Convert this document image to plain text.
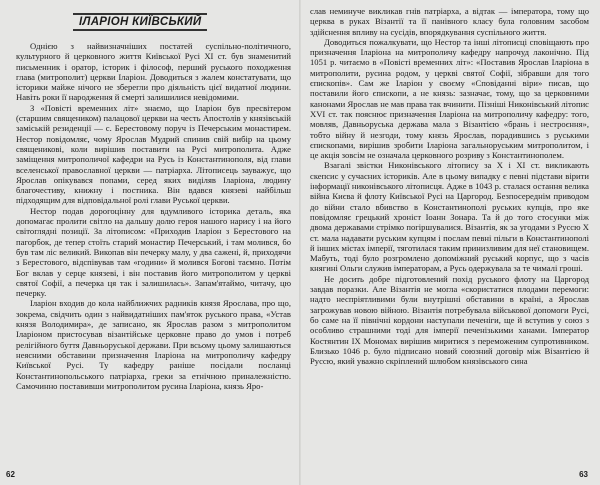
ІЛАРІОН КИЇВСЬКИЙ

Однією з найвизначніших постатей суспільно-політичного, культурного й церковного життя Київської Русі XI ст. був знаменитий письменник і оратор, історик і філософ, перший руського походження глава (митрополит) церкви Іларіон. Доводиться з жалем констатувати, що історики майже нічого не зберегли про діяльність цієї видатної людини. Навіть роки її народження й смерті залишилися невідомими.

З «Повісті временних літ» знаємо, що Іларіон був пресвітером (старшим священиком) палацової церкви на честь Апостолів у князівській заміській резиденції — с. Берестовому поруч із Печерським монастирем. Нестор повідомляє, чому Ярослав Мудрий спинив свій вибір на цьому священикові, коли вирішив поставити на Русі митрополита. Адже заміщення митрополичої кафедри на Русь із Константинополя, від глави вселенської православної церкви — патріарха. Літописець зауважує, що Ярослав опікувався попами, серед яких виділяв Іларіона, людину благочестиву, книжну і постника. Він вдався князеві найбільш підходящим для відповідальної ролі глави Руської церкви.

Нестор подав дорогоцінну для вдумливого історика деталь, яка допомагає пролити світло на дальшу долю героя нашого нарису і на його світоглядні позиції. За літописом: «Приходив Іларіон з Берестового на пагорбок, де тепер стоїть старий монастир Печерський, і там молився, бо був там ліс великий. Викопав він печерку малу, у два сажені, й, приходячи з Берестового, відспівував там «години» й молився Богові таємно. Потім Бог вклав у серце князеві, і він поставив його митрополитом у церкві святої Софії, а печерка ця так і залишилась». Запам'ятаймо, читачу, цю печерку.

Іларіон входив до кола найближчих радників князя Ярослава, про що, зокрема, свідчить один з найвидатніших пам'яток руського права, «Устав князя Володимира», де записано, як Ярослав разом з митрополитом Іларіоном пристосував візантійське церковне право до умов і потреб релігійного буття Давньоруської держави. При всьому цьому залишаються неясними обставини призначення Іларіона на митрополичу кафедру Київської Русі. Ту кафедру раніше посідали посланці Константинопольського патріарха, греки за етнічною приналежністю. Самочинно поставивши митрополитом русина Іларіона, князь Яро-

62

слав неминуче викликав гнів патріарха, а відтак — імператора, тому що церква в руках Візантії та її панівного класу була головним засобом здійснення впливу на сусідів, впорядкування суспільного життя.

Доводиться пожалкувати, що Нестор та інші літописці сповіщають про призначення Іларіона на митрополичу кафедру напрочуд лаконічно. Під 1051 р. читаємо в «Повісті временних літ»: «Поставив Ярослав Іларіона в митрополити, русина родом, у церкві святої Софії, зібравши для того єпископів». Сам же Іларіон у своєму «Сповіданні віри» писав, що поставили його єпископи, а не князь: зазначає, тому, що за церковними канонами Ярослав не мав права так вчинити. Пізніші Никонівський літопис XVI ст. так пояснює призначення Іларіона на митрополичу кафедру: того, мовляв, Давньоруська держава мала з Візантією «брань і нестроєння», тобто війну й незгоди, тому князь Ярослав, порадившись з руськими єпископами, вирішив зробити Іларіона загальноруським митрополитом, і це акція зовсім не означала церковного розриву з Константинополем.

Взагалі звістки Никонівського літопису за X і XI ст. викликають скепсис у сучасних істориків. Але в цьому випадку є певні підстави вірити інформації никонівського літописця. Адже в 1043 р. сталася остання велика війна Києва й флоту Київської Русі на Царгород. Безпосереднім приводом до війни стало вбивство в Константинополі руських купців, про яке повідомляє грецький хроніст Іоанн Зонара. Та й до того стосунки між двома державами стрімко погіршувалися. Візантія, як за угодами з Руссю X ст. мала надавати руським купцям і послам певні пільги в Константинополі й інших містах імперії, тяготилася таким принизливим для неї становищем. Мабуть, тоді було розгромлено допоміжний руський корпус, що з часів княгині Ольги служив імператорам, а Русь одержувала за те чималі гроші.

Не досить добре підготовлений похід руського флоту на Царгород завдав поразки. Але Візантія не могла «скористатися плодами перемоги: надто неспріятливими були внутрішні обставини в країні, а Ярослав загрожував новою війною. Візантія потребувала військової допомоги Русі, бо саме на її північні кордони наступали печеніги, ще й вступив у союз з особливо страшними тоді для імперії печенізькими ханами. Імператор Костянтин IX Мономах вирішив миритися з переможеним супротивником. Близько 1046 р. було підписано новий союзний договір між Візантією й Руссю, який уважно скріплений шлюбом князівського сина

63
